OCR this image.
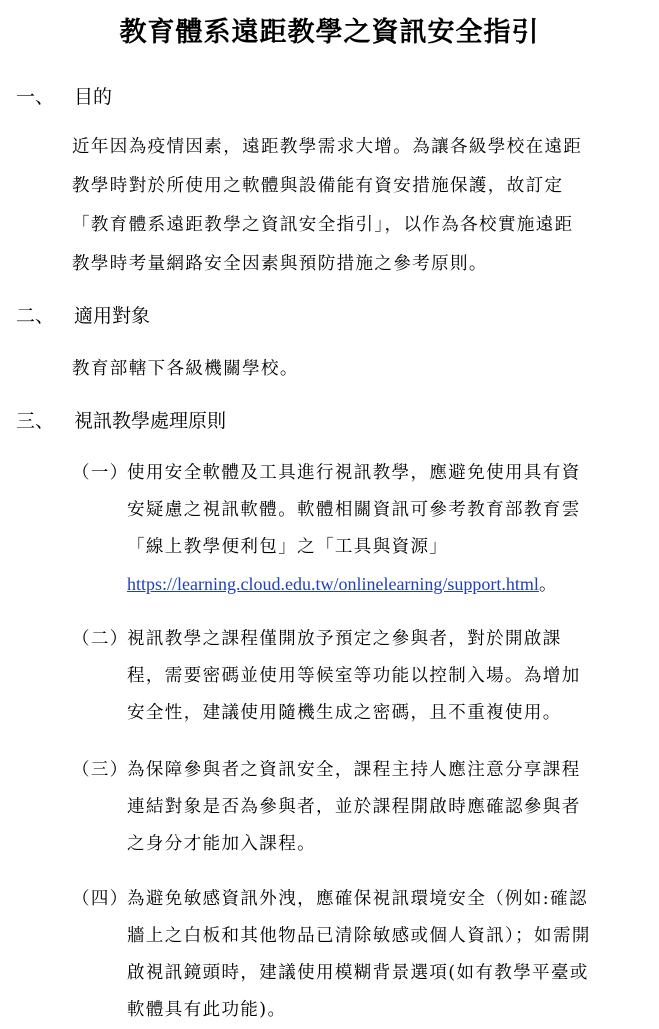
教育體系遠距教學之資訊安全指引
一、 目的
近年因為疫情因素，遠距教學需求大增。為讓各級學校在遠距
教學時對於所使用之軟體與設備能有資安措施保護，故訂定
「教育體系遠距教學之資訊安全指引」，以作為各校實施遠距
教學時考量網路安全因素與預防措施之參考原則。
二、 適用對象
教育部轄下各級機關學校。
三、 視訊教學處理原則
（一）
使用安全軟體及工具進行視訊教學，應避免使用具有資
安疑慮之視訊軟體。軟體相關資訊可參考教育部教育雲
「線上教學便利包」之「工具與資源」
https://learning.cloud.edu.tw/onlinelearning/support.html。
（二）
視訊教學之課程僅開放予預定之參與者，對於開啟課
程，需要密碼並使用等候室等功能以控制入場。為增加
安全性，建議使用隨機生成之密碼，且不重複使用。
（三）
為保障參與者之資訊安全，課程主持人應注意分享課程
連結對象是否為參與者，並於課程開啟時應確認參與者
之身分才能加入課程。
（四）
為避免敏感資訊外洩，應確保視訊環境安全（例如:確認
牆上之白板和其他物品已清除敏感或個人資訊）；如需開
啟視訊鏡頭時，建議使用模糊背景選項(如有教學平臺或
軟體具有此功能)。
